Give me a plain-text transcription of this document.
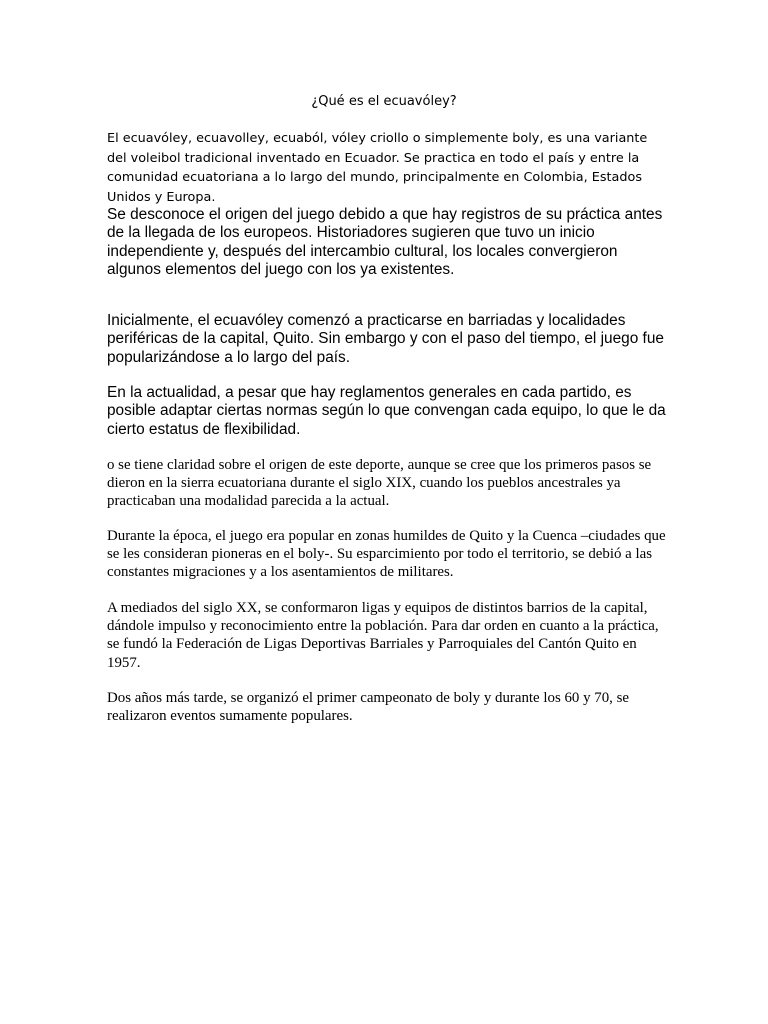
¿Qué es el ecuavóley?

El ecuavóley, ecuavolley, ecuaból, vóley criollo o simplemente boly, es una variante del voleibol tradicional inventado en Ecuador. Se practica en todo el país y entre la comunidad ecuatoriana a lo largo del mundo, principalmente en Colombia, Estados Unidos y Europa.

Se desconoce el origen del juego debido a que hay registros de su práctica antes de la llegada de los europeos. Historiadores sugieren que tuvo un inicio independiente y, después del intercambio cultural, los locales convergieron algunos elementos del juego con los ya existentes.

Inicialmente, el ecuavóley comenzó a practicarse en barriadas y localidades periféricas de la capital, Quito. Sin embargo y con el paso del tiempo, el juego fue popularizándose a lo largo del país.

En la actualidad, a pesar que hay reglamentos generales en cada partido, es posible adaptar ciertas normas según lo que convengan cada equipo, lo que le da cierto estatus de flexibilidad.

o se tiene claridad sobre el origen de este deporte, aunque se cree que los primeros pasos se dieron en la sierra ecuatoriana durante el siglo XIX, cuando los pueblos ancestrales ya practicaban una modalidad parecida a la actual.

Durante la época, el juego era popular en zonas humildes de Quito y la Cuenca –ciudades que se les consideran pioneras en el boly-. Su esparcimiento por todo el territorio, se debió a las constantes migraciones y a los asentamientos de militares.

A mediados del siglo XX, se conformaron ligas y equipos de distintos barrios de la capital, dándole impulso y reconocimiento entre la población. Para dar orden en cuanto a la práctica, se fundó la Federación de Ligas Deportivas Barriales y Parroquiales del Cantón Quito en 1957.

Dos años más tarde, se organizó el primer campeonato de boly y durante los 60 y 70, se realizaron eventos sumamente populares.
